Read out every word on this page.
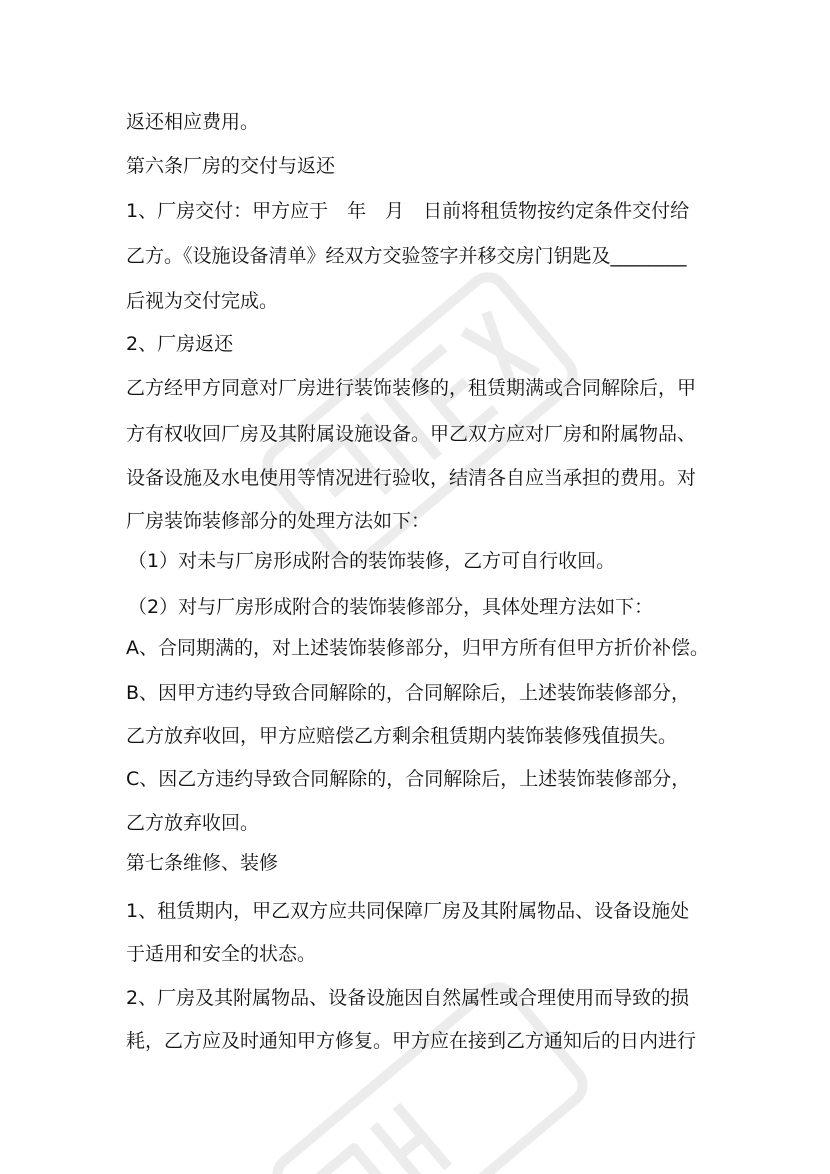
返还相应费用。

第六条厂房的交付与返还

1、厂房交付：甲方应于　年　月　日前将租赁物按约定条件交付给

乙方。《设施设备清单》经双方交验签字并移交房门钥匙及________

后视为交付完成。

2、厂房返还

乙方经甲方同意对厂房进行装饰装修的，租赁期满或合同解除后，甲

方有权收回厂房及其附属设施设备。甲乙双方应对厂房和附属物品、

设备设施及水电使用等情况进行验收，结清各自应当承担的费用。对

厂房装饰装修部分的处理方法如下：

（1）对未与厂房形成附合的装饰装修，乙方可自行收回。

（2）对与厂房形成附合的装饰装修部分，具体处理方法如下：

A、合同期满的，对上述装饰装修部分，归甲方所有但甲方折价补偿。

B、因甲方违约导致合同解除的，合同解除后，上述装饰装修部分，

乙方放弃收回，甲方应赔偿乙方剩余租赁期内装饰装修残值损失。

C、因乙方违约导致合同解除的，合同解除后，上述装饰装修部分，

乙方放弃收回。

第七条维修、装修

1、租赁期内，甲乙双方应共同保障厂房及其附属物品、设备设施处

于适用和安全的状态。

2、厂房及其附属物品、设备设施因自然属性或合理使用而导致的损

耗，乙方应及时通知甲方修复。甲方应在接到乙方通知后的日内进行
